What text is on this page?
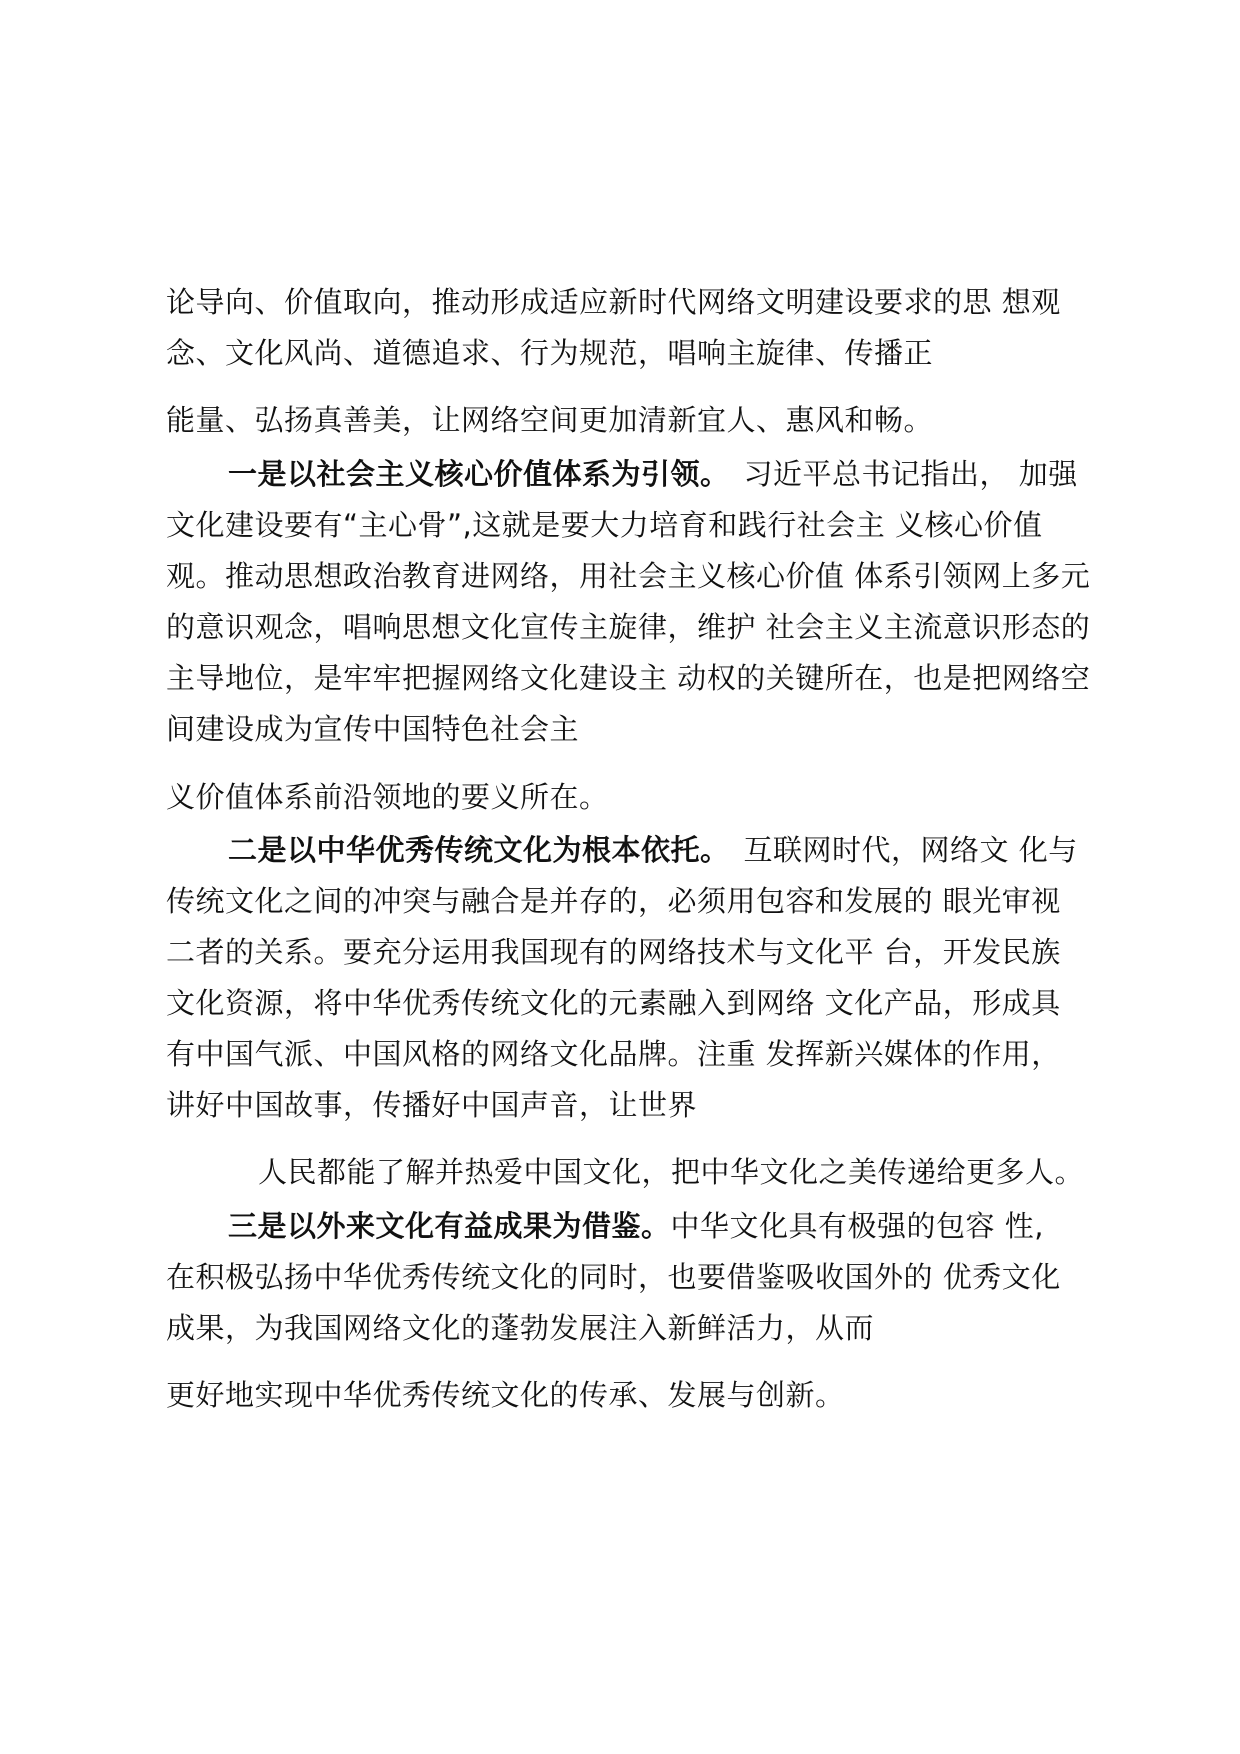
论导向、价值取向，推动形成适应新时代网络文明建设要求的思 想观
念、文化风尚、道德追求、行为规范，唱响主旋律、传播正
能量、弘扬真善美，让网络空间更加清新宜人、惠风和畅。
一是以社会主义核心价值体系为引领。 习近平总书记指出， 加强
文化建设要有“主心骨”,这就是要大力培育和践行社会主 义核心价值
观。推动思想政治教育进网络，用社会主义核心价值 体系引领网上多元
的意识观念，唱响思想文化宣传主旋律，维护 社会主义主流意识形态的
主导地位，是牢牢把握网络文化建设主 动权的关键所在，也是把网络空
间建设成为宣传中国特色社会主
义价值体系前沿领地的要义所在。
二是以中华优秀传统文化为根本依托。 互联网时代，网络文 化与
传统文化之间的冲突与融合是并存的，必须用包容和发展的 眼光审视
二者的关系。要充分运用我国现有的网络技术与文化平 台，开发民族
文化资源，将中华优秀传统文化的元素融入到网络 文化产品，形成具
有中国气派、中国风格的网络文化品牌。注重 发挥新兴媒体的作用，
讲好中国故事，传播好中国声音，让世界
人民都能了解并热爱中国文化，把中华文化之美传递给更多人。
三是以外来文化有益成果为借鉴。中华文化具有极强的包容 性,
在积极弘扬中华优秀传统文化的同时，也要借鉴吸收国外的 优秀文化
成果，为我国网络文化的蓬勃发展注入新鲜活力，从而
更好地实现中华优秀传统文化的传承、发展与创新。
